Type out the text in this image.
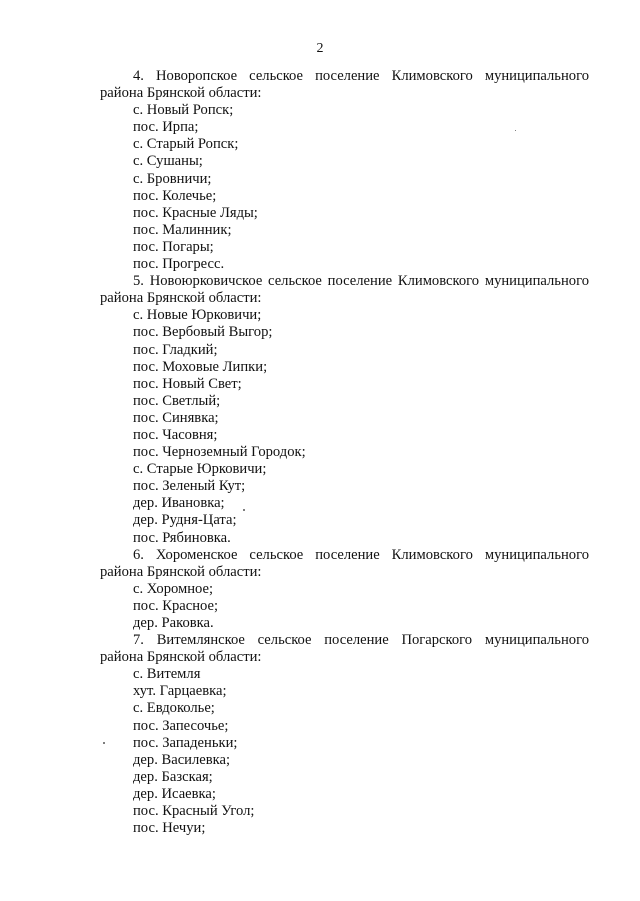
2

4. Новоропское сельское поселение Климовского муниципального района Брянской области:

с. Новый Ропск;

пос. Ирпа;

с. Старый Ропск;

с. Сушаны;

с. Бровничи;

пос. Колечье;

пос. Красные Ляды;

пос. Малинник;

пос. Погары;

пос. Прогресс.

5. Новоюрковичское сельское поселение Климовского муниципального района Брянской области:

с. Новые Юрковичи;

пос. Вербовый Выгор;

пос. Гладкий;

пос. Моховые Липки;

пос. Новый Свет;

пос. Светлый;

пос. Синявка;

пос. Часовня;

пос. Черноземный Городок;

с. Старые Юрковичи;

пос. Зеленый Кут;

дер. Ивановка;

дер. Рудня-Цата;

пос. Рябиновка.

6. Хороменское сельское поселение Климовского муниципального района Брянской области:

с. Хоромное;

пос. Красное;

дер. Раковка.

7. Витемлянское сельское поселение Погарского муниципального района Брянской области:

с. Витемля

хут. Гарцаевка;

с. Евдоколье;

пос. Запесочье;

пос. Западеньки;

дер. Василевка;

дер. Базская;

дер. Исаевка;

пос. Красный Угол;

пос. Нечуи;
